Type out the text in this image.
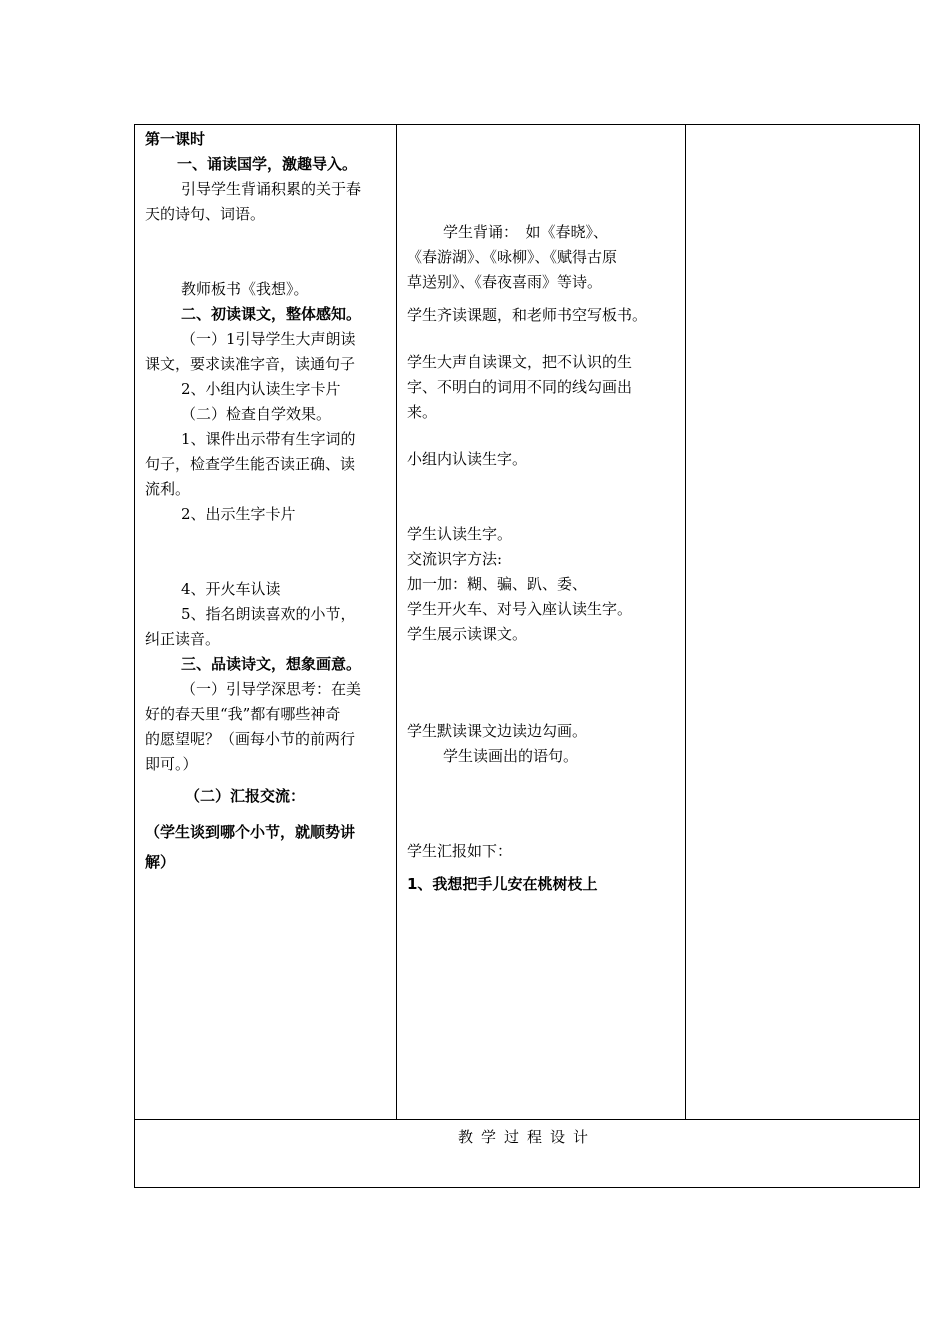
第一课时

一、诵读国学，激趣导入。

引导学生背诵积累的关于春

天的诗句、词语。

教师板书《我想》。

二、初读课文，整体感知。

（一）1引导学生大声朗读

课文，要求读准字音，读通句子

2、小组内认读生字卡片

（二）检查自学效果。

1、课件出示带有生字词的

句子，检查学生能否读正确、读

流利。

2、出示生字卡片

4、开火车认读

5、指名朗读喜欢的小节，

纠正读音。

三、品读诗文，想象画意。

（一）引导学深思考：在美

好的春天里“我”都有哪些神奇

的愿望呢？（画每小节的前两行

即可。）

（二）汇报交流：

（学生谈到哪个小节，就顺势讲

解）

学生背诵：　如《春晓》、

《春游湖》、《咏柳》、《赋得古原

草送别》、《春夜喜雨》等诗。

学生齐读课题，和老师书空写板书。

学生大声自读课文，把不认识的生

字、不明白的词用不同的线勾画出

来。

小组内认读生字。

学生认读生字。

交流识字方法:

加一加：糊、骗、趴、委、

学生开火车、对号入座认读生字。

学生展示读课文。

学生默读课文边读边勾画。

学生读画出的语句。

学生汇报如下：

1、我想把手儿安在桃树枝上

教学过程设计
